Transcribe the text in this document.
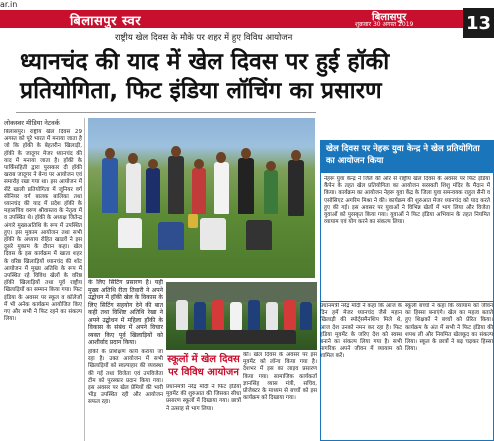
ar.in
बिलासपुर स्वर	बिलासपुर
शुक्रवार 30 अगस्त 2019	13
राष्ट्रीय खेल दिवस के मौके पर शहर में हुए विविध आयोजन
ध्यानचंद की याद में खेल दिवस पर हुई हॉकी
प्रतियोगिता, फिट इंडिया लॉचिंग का प्रसारण
लोकस्वर मीडिया नेटवर्क
बिलासपुर। राष्ट्रीय खेल दिवस 29 अगस्त को पूरे भारत में मनाया जाता है जो कि हॉकी के बेहतरीन खिलाड़ी, हॉकी के जादूगर मेजर ध्यानचंद की याद में मनाया जाता है। हॉकी के पार्किंसहिती द्वारा पुरस्कार दी हॉकी खराब जादूगर ने बेन्च पर आयोजन एवं समारोह रखा गया था। इस आयोजन में सेंटे खाली प्रतियोगिता में जूनियर वर्ग सीनियर वर्ग बालक बालिका तथा ध्यानचंद की याद में प्रदेश हॉकी के महासचिव वरुण श्रीवास्तव के नेतृत्व में व उपस्थित थे। हॉकी के अध्यक्ष जितेन्द्र अंगारे मुख्यअतिथि के रूप में उपस्थित हुए। इस मुकाम आयोजन तथा सभी हॉकी के अध्याय रोहित खाडवें ने इस दूसरे मुकाम के दौरान कहा। खेल दिवस के इस कार्यक्रम में खाता शहर के वरिष्ठ खिलाड़ियों ध्यानचंद की शॉट आयोजन में मुख्य अतिथि के रूप में उपस्थित रहे विविध खेलों के वरिष्ठ हॉकी खिलाड़ियों तथा पूर्व राष्ट्रीय खिलाड़ियों का सम्मान किया गया। फिट इंडिया के अवसर पर स्कूल व कॉलेजों में भी अनेक कार्यक्रम आयोजित किए गए और सभी ने फिट रहने का संकल्प लिया।
के लिए सिटिंग प्रसारण है। यही मुख्य अतिथि रीता तिवारी ने अपने उद्बोधन में हॉकी खेल के विकास के लिए सिटिंग सहयोग देने की बात कही तथा विशिष्ट अतिथि रेखा ने अपने उद्बोधन में महिला हॉकी के विकास के संबंध में अपने विचार व्यक्त किए पूर्व खिलाड़ियों को आशीर्वाद प्रदान किया।
हॉकी के प्रशिक्षण कार्य कराया जा रहा है। उक्त आयोजन में सभी खिलाड़ियों को स्वल्पाहार की व्यवस्था की गई तथा विजेता एवं उपविजेता टीम को पुरस्कार प्रदान किया गया। इस अवसर पर खेल प्रेमियों की भारी भीड़ उपस्थित रही और आयोजन सफल रहा।
स्कूलों में खेल दिवस पर विविध आयोजन
प्रधानमंत्री नरेंद्र मोदी ने फिट इंडिया मूवमेंट की शुरुआत की जिसका सीधा प्रसारण स्कूलों में दिखाया गया। छात्रों ने उत्साह से भाग लिया।
की। खेल दिवस के अवसर पर इस मूवमेंट को लॉन्च किया गया है। देशभर में इस का लाइव प्रसारण किया गया। सामाजिक कार्यकर्ता ज्ञानसिंह व्यास मंत्री, सचिव, प्रोजेक्टर के माध्यम से बच्चों को इस कार्यक्रम को दिखाया गया।
खेल दिवस पर नेहरू युवा केन्द्र ने खेल प्रतियोगिता का आयोजन किया
नेहरू युवा केन्द्र ने जिले की ओर से राष्ट्रीय खेल दिवस के अवसर पर फिट इंडिया कैंपेन के तहत खेल प्रतियोगिता का आयोजन सरस्वती शिशु मंदिर के मैदान में किया। कार्यक्रम का आयोजन नेहरू युवा केंद्र के जिला युवा समन्वयक राहुल सैनी व एसोसिएट अगरिम मिश्रा ने की। कार्यक्रम की शुरुआत मेजर ध्यानचंद को याद करते हुए की गई। इस अवसर पर युवाओं ने विभिन्न खेलों में भाग लिया और विजेता युवाओं को पुरस्कृत किया गया। युवाओं ने फिट इंडिया अभियान के तहत नियमित व्यायाम एवं योग करने का संकल्प लिया।
प्रधानमंत्री नरेंद्र मोदी ने कहा कि आज के दिन हमें मेजर ध्यानचंद जैसे महान खिलाड़ी की स्पोर्ट्समैनशिप मिले थे, आज देश उनको नमन कर रहा है। फिट इंडिया मूवमेंट के जरिए देश को स्वस्थ बनाने का संकल्प लिया गया है। सभी नागरिक अपने जीवन में व्यायाम को शामिल करें।
स्कूली बच्चों ने कहा कि व्यायाम को जीवन का हिस्सा बनाएंगे। खेल का महत्व बताते हुए शिक्षकों ने बच्चों को प्रेरित किया। कार्यक्रम के अंत में सभी ने फिट इंडिया की शपथ ली और नियमित खेलकूद का संकल्प लिया। स्कूल के छात्रों ने बढ़ चढ़कर हिस्सा लिया।
